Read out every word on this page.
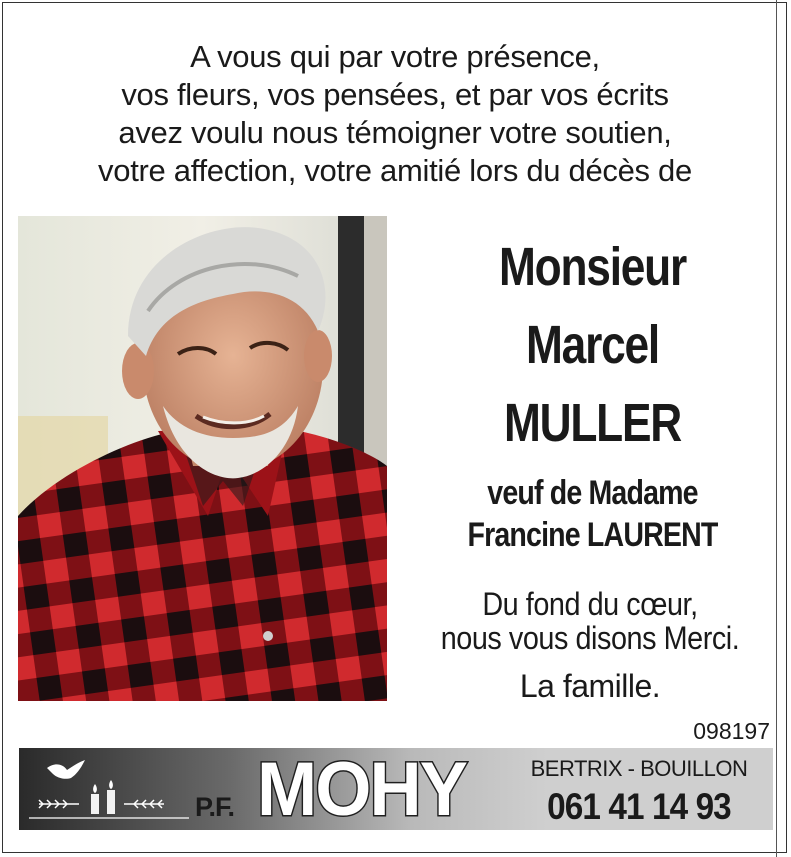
A vous qui par votre présence,
vos fleurs, vos pensées, et par vos écrits
avez voulu nous témoigner votre soutien,
votre affection, votre amitié lors du décès de
Monsieur
Marcel
MULLER
veuf de Madame
Francine LAURENT
Du fond du cœur,
nous vous disons Merci.
La famille.
098197
P.F. MOHY	BERTRIX - BOUILLON
061 41 14 93
